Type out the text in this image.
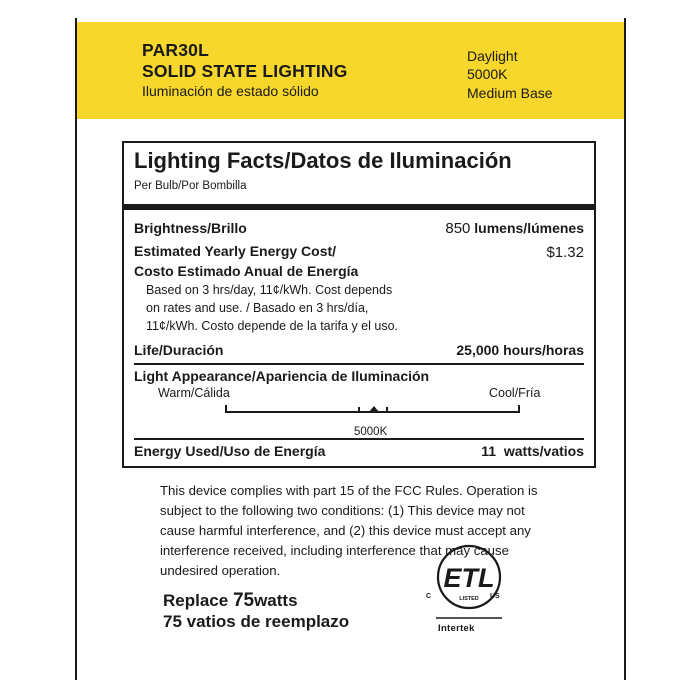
PAR30L
SOLID STATE LIGHTING
Iluminación de estado sólido
Daylight
5000K
Medium Base
Lighting Facts/Datos de Iluminación
Per Bulb/Por Bombilla
Brightness/Brillo	850 lumens/lúmenes
Estimated Yearly Energy Cost/
Costo Estimado Anual de Energía
$1.32
Based on 3 hrs/day, 11¢/kWh. Cost depends
on rates and use. / Basado en 3 hrs/día,
11¢/kWh. Costo depende de la tarifa y el uso.
Life/Duración	25,000 hours/horas
Light Appearance/Apariencia de Iluminación
Warm/Cálida	Cool/Fría
5000K
Energy Used/Uso de Energía	11 watts/vatios
This device complies with part 15 of the FCC Rules. Operation is
subject to the following two conditions: (1) This device may not
cause harmful interference, and (2) this device must accept any
interference received, including interference that may cause
undesired operation.
Replace 75watts
75 vatios de reemplazo
ETL
LISTED
C	US
Intertek
